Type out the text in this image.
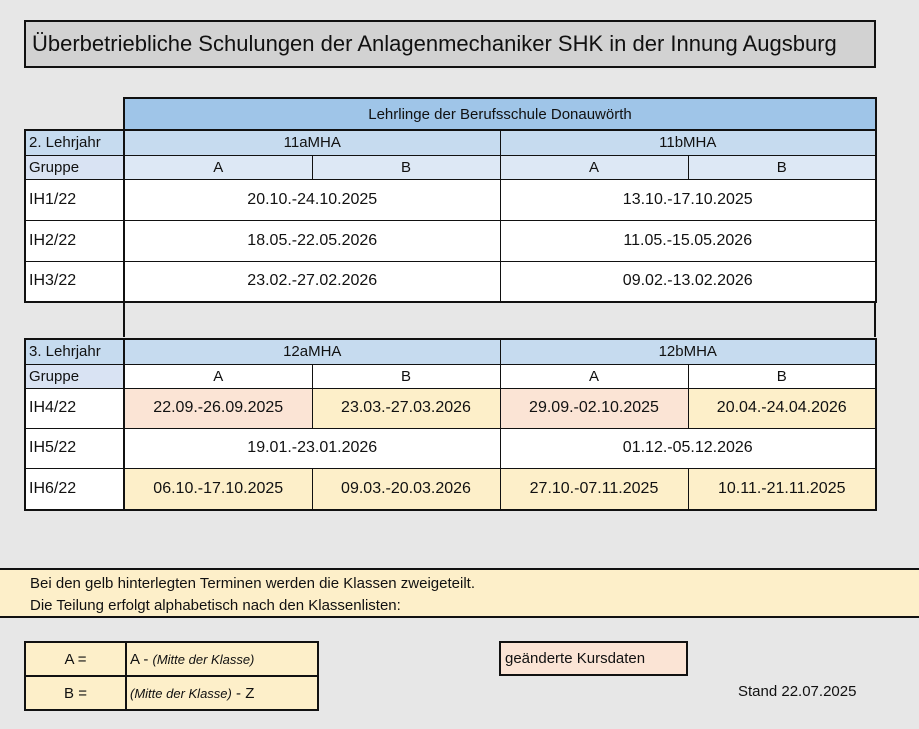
Überbetriebliche Schulungen der Anlagenmechaniker SHK in der Innung Augsburg
	Lehrlinge der Berufsschule Donauwörth			
2. Lehrjahr	11aMHA		11bMHA	
Gruppe	A	B	A	B
IH1/22	20.10.-24.10.2025		13.10.-17.10.2025	
IH2/22	18.05.-22.05.2026		11.05.-15.05.2026	
IH3/22	23.02.-27.02.2026		09.02.-13.02.2026	
3. Lehrjahr	12aMHA		12bMHA	
Gruppe	A	B	A	B
IH4/22	22.09.-26.09.2025	23.03.-27.03.2026	29.09.-02.10.2025	20.04.-24.04.2026
IH5/22	19.01.-23.01.2026		01.12.-05.12.2026	
IH6/22	06.10.-17.10.2025	09.03.-20.03.2026	27.10.-07.11.2025	10.11.-21.11.2025
Bei den gelb hinterlegten Terminen werden die Klassen zweigeteilt.
Die Teilung erfolgt alphabetisch nach den Klassenlisten:
A =	A - (Mitte der Klasse)
B =	(Mitte der Klasse) - Z
geänderte Kursdaten
Stand 22.07.2025
